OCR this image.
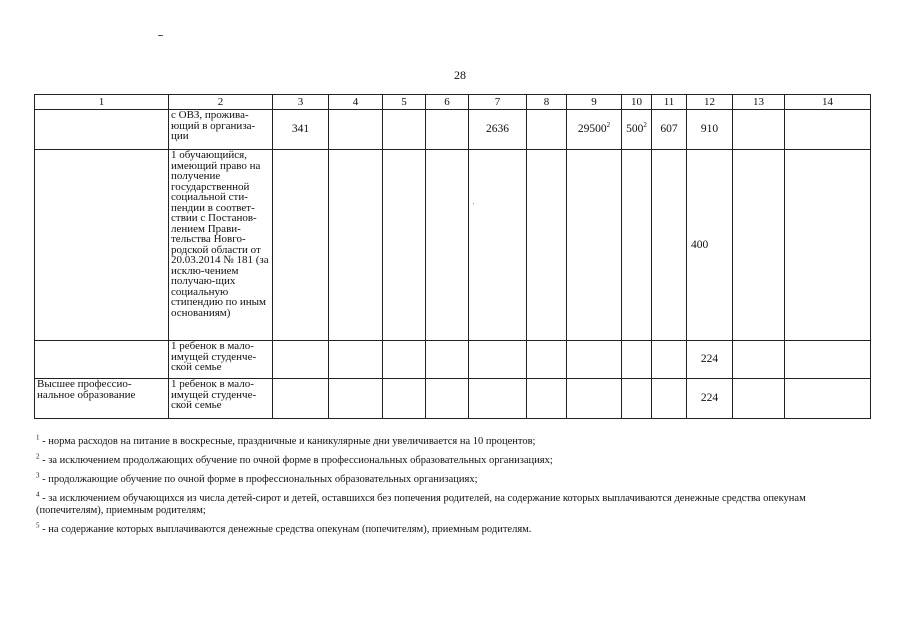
28
1	2	3	4	5	6	7	8	9	10	11	12	13	14
	с ОВЗ, прожива-ющий в организа-ции	341				2636		29500$^2$	$500^2$	607	910		
	1 обучающийся, имеющий право на получение государственной социальной сти-пендии в соответ-ствии с Постанов-лением Прави-тельства Новго-родской области от 20.03.2014 № 181 (за исклю-чением получаю-щих социальную стипендию по иным основаниям)										400		
	1 ребенок в мало-имущей студенче-ской семье										224		
Высшее профессио-нальное образование	1 ребенок в мало-имущей студенче-ской семье										224		
$^1$ - норма расходов на питание в воскресные, праздничные и каникулярные дни увеличивается на 10 процентов;
$^2$ - за исключением продолжающих обучение по очной форме в профессиональных образовательных организациях;
$^3$ - продолжающие обучение по очной форме в профессиональных образовательных организациях;
$^4$ - за исключением обучающихся из числа детей-сирот и детей, оставшихся без попечения родителей, на содержание которых выплачиваются денежные средства опекунам (попечителям), приемным родителям;
$^5$ - на содержание которых выплачиваются денежные средства опекунам (попечителям), приемным родителям.
